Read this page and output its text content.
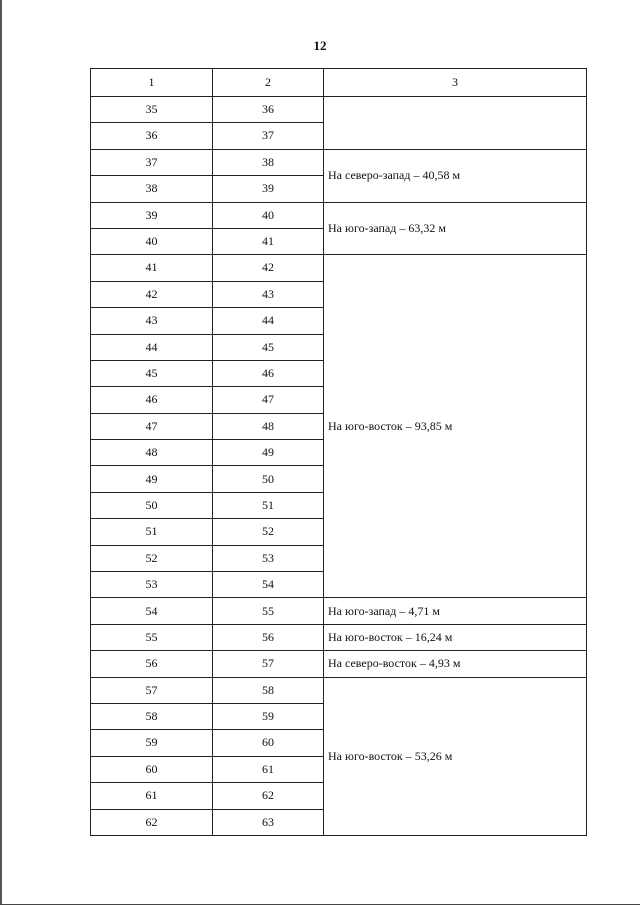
12
1	2	3
35	36	
36	37	
37	38	На северо-запад – 40,58 м
38	39	
39	40	На юго-запад – 63,32 м
40	41	
41	42	На юго-восток – 93,85 м
42	43	
43	44	
44	45	
45	46	
46	47	
47	48	
48	49	
49	50	
50	51	
51	52	
52	53	
53	54	
54	55	На юго-запад – 4,71 м
55	56	На юго-восток – 16,24 м
56	57	На северо-восток – 4,93 м
57	58	На юго-восток – 53,26 м
58	59	
59	60	
60	61	
61	62	
62	63	
